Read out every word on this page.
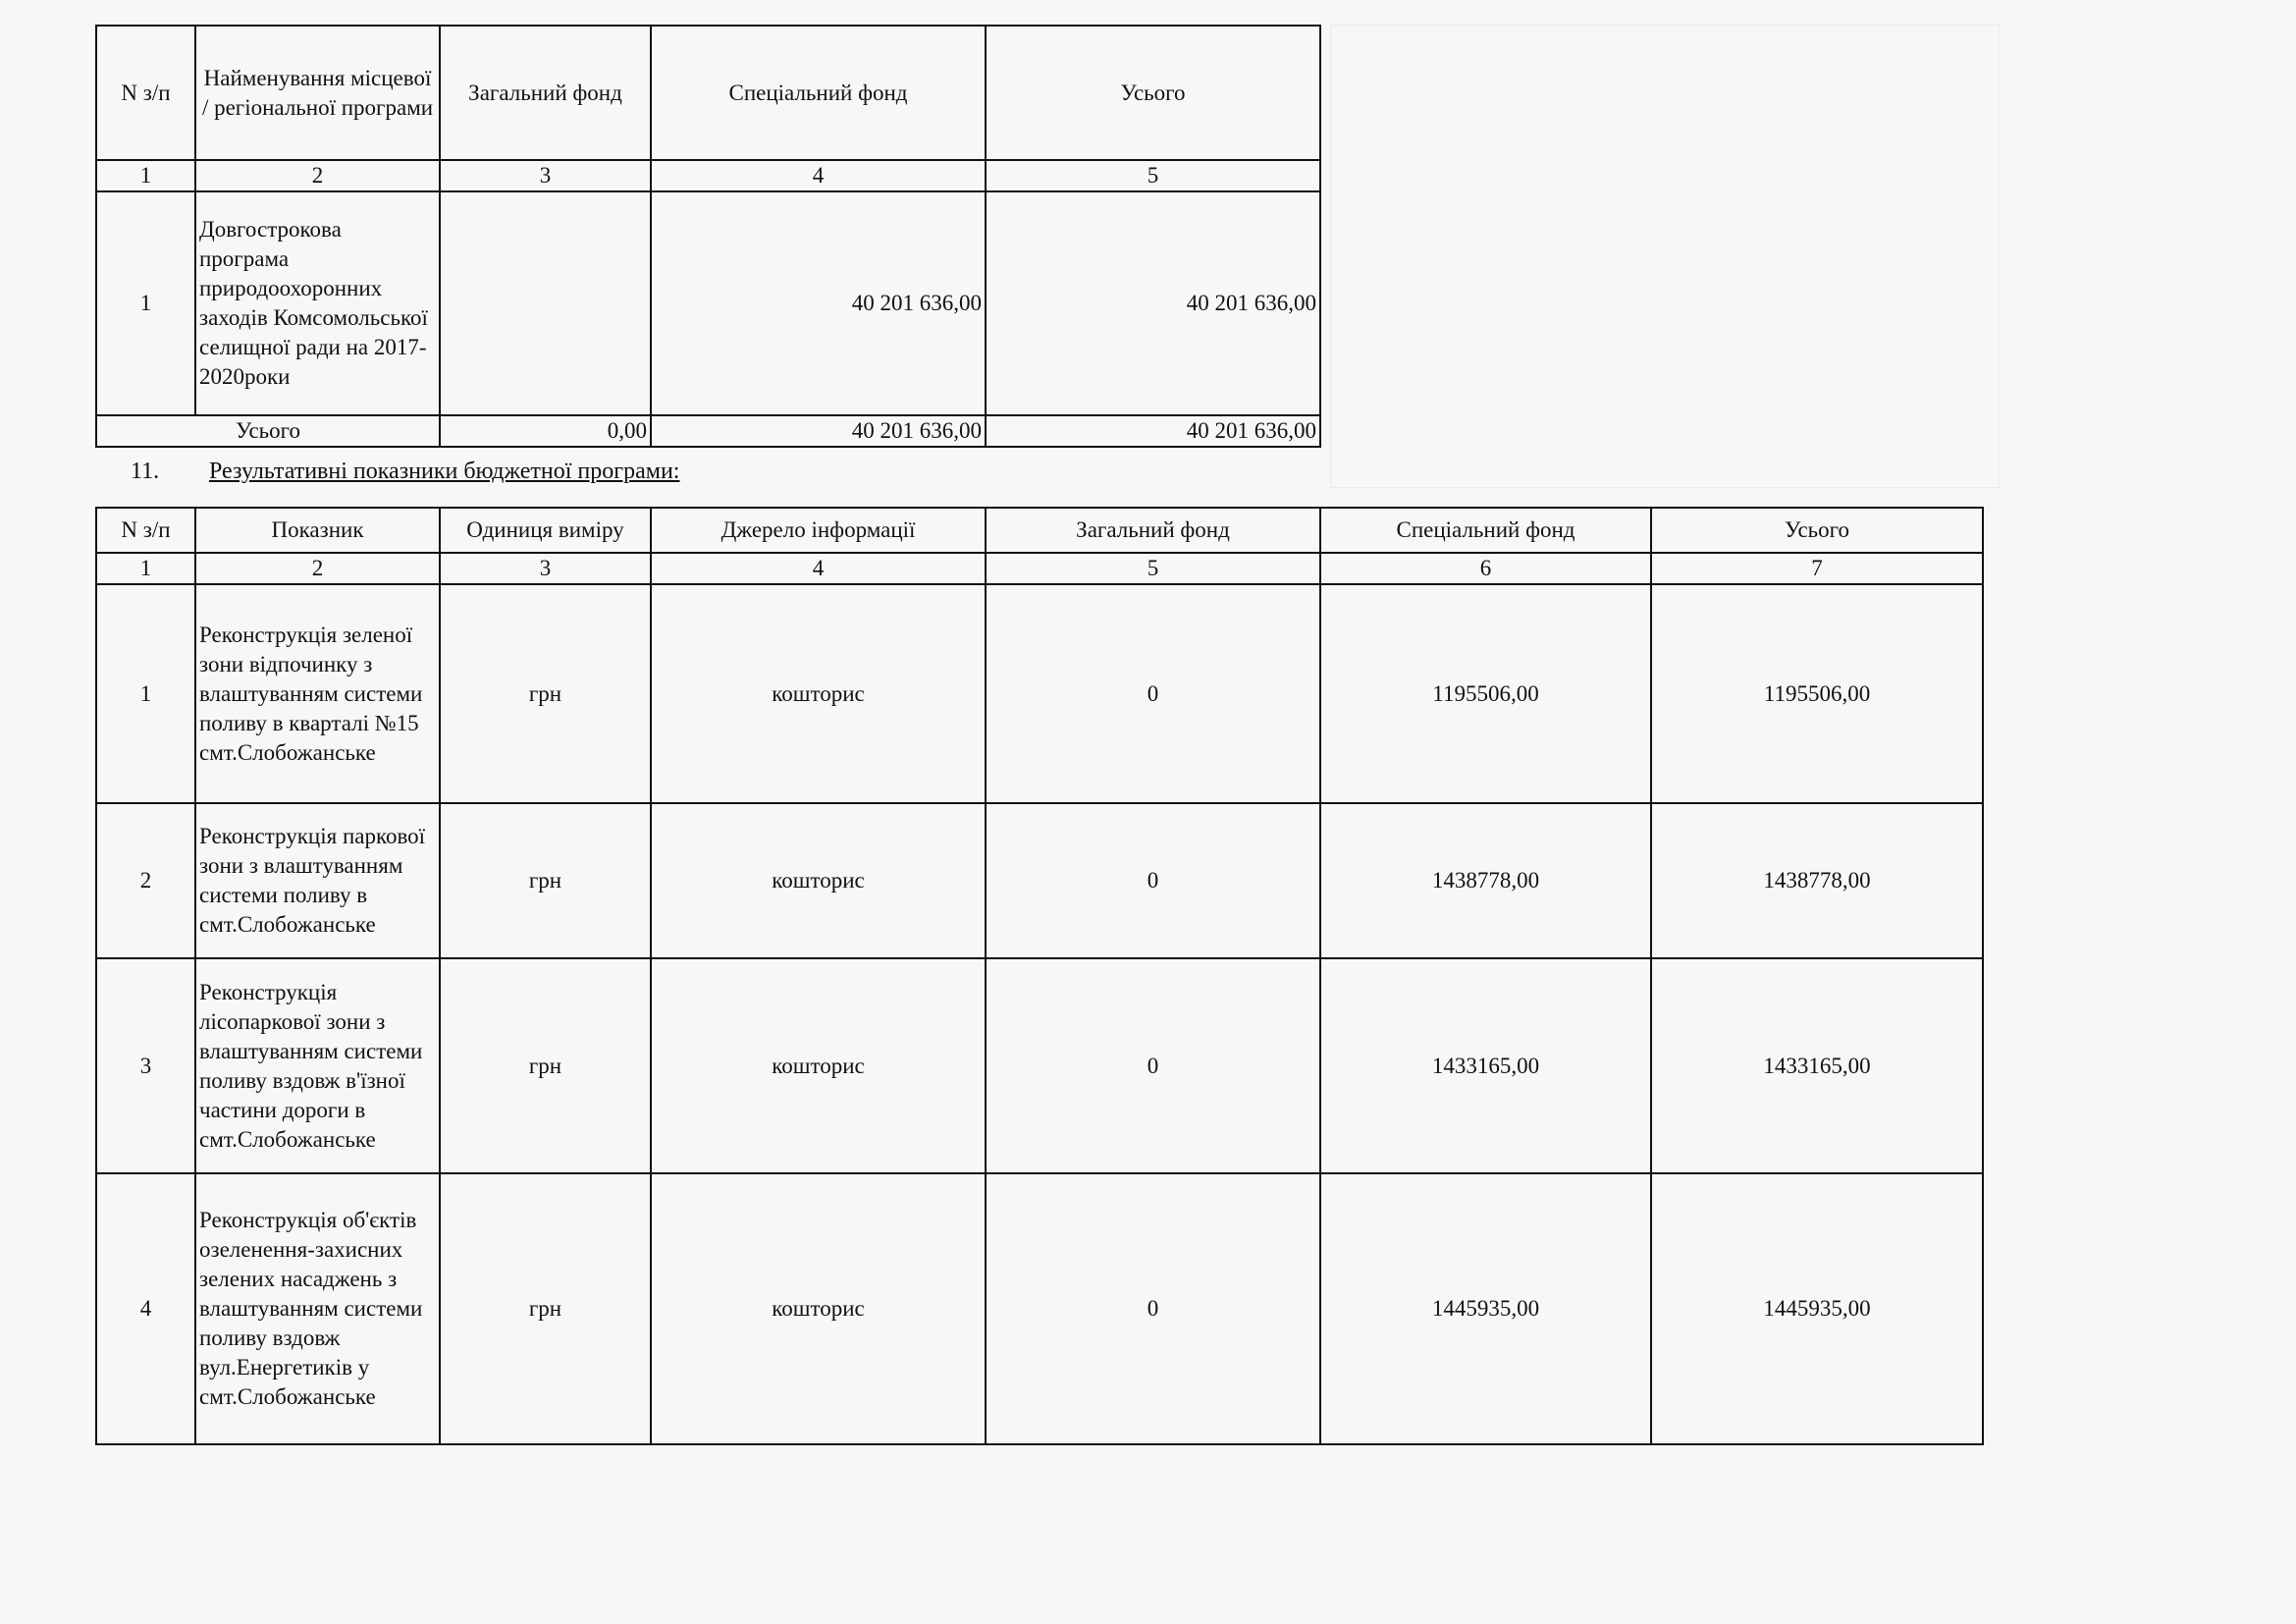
N з/п	Найменування місцевої / регіональної програми	Загальний фонд	Спеціальний фонд	Усього
1	2	3	4	5
1	Довгострокова програма природоохоронних заходів Комсомольської селищної ради на 2017-2020роки		40 201 636,00	40 201 636,00
Усього		0,00	40 201 636,00	40 201 636,00
11. Результативні показники бюджетної програми:
N з/п	Показник	Одиниця виміру	Джерело інформації	Загальний фонд	Спеціальний фонд	Усього
1	2	3	4	5	6	7
1	Реконструкція зеленої зони відпочинку з влаштуванням системи поливу в кварталі №15 смт.Слобожанське	грн	кошторис	0	1195506,00	1195506,00
2	Реконструкція паркової зони з влаштуванням системи поливу в смт.Слобожанське	грн	кошторис	0	1438778,00	1438778,00
3	Реконструкція лісопаркової зони з влаштуванням системи поливу вздовж в'їзної частини дороги в смт.Слобожанське	грн	кошторис	0	1433165,00	1433165,00
4	Реконструкція об'єктів озеленення-захисних зелених насаджень з влаштуванням системи поливу вздовж вул.Енергетиків у смт.Слобожанське	грн	кошторис	0	1445935,00	1445935,00
